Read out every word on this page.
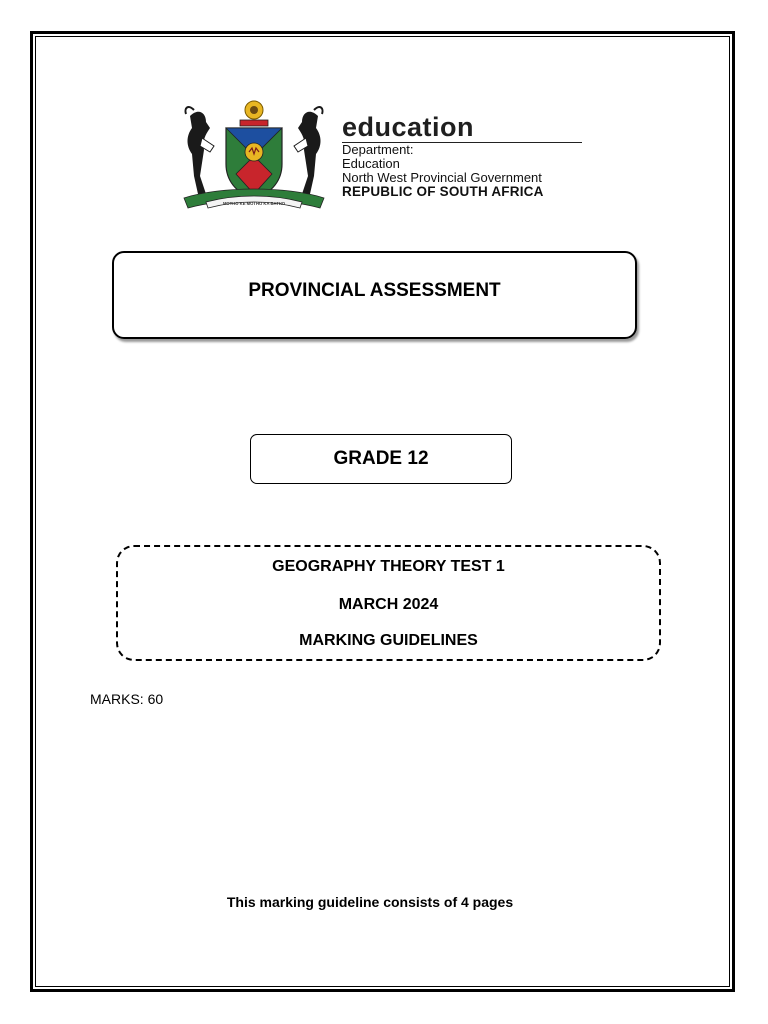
MOTHO KE MOTHO KA BATHO
education
Department:
Education
North West Provincial Government
REPUBLIC OF SOUTH AFRICA
PROVINCIAL ASSESSMENT
GRADE 12
GEOGRAPHY THEORY TEST 1
MARCH 2024
MARKING GUIDELINES
MARKS: 60
This marking guideline consists of 4 pages
